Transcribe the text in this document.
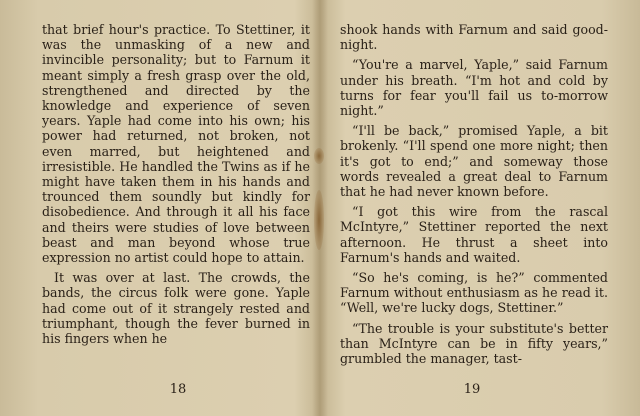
that brief hour's practice. To Stettiner, it was the unmasking of a new and invincible personality; but to Farnum it meant simply a fresh grasp over the old, strengthened and directed by the knowledge and experience of seven years. Yaple had come into his own; his power had returned, not broken, not even marred, but heightened and irresistible. He handled the Twins as if he might have taken them in his hands and trounced them soundly but kindly for disobedience. And through it all his face and theirs were studies of love between beast and man beyond whose true expression no artist could hope to attain.

It was over at last. The crowds, the bands, the circus folk were gone. Yaple had come out of it strangely rested and triumphant, though the fever burned in his fingers when he

18

shook hands with Farnum and said good-night.

“You're a marvel, Yaple,” said Farnum under his breath. “I'm hot and cold by turns for fear you'll fail us to-morrow night.”

“I'll be back,” promised Yaple, a bit brokenly. “I'll spend one more night; then it's got to end;” and someway those words revealed a great deal to Farnum that he had never known before.

“I got this wire from the rascal McIntyre,” Stettiner reported the next afternoon. He thrust a sheet into Farnum's hands and waited.

“So he's coming, is he?” commented Farnum without enthusiasm as he read it. “Well, we're lucky dogs, Stettiner.”

“The trouble is your substitute's better than McIntyre can be in fifty years,” grumbled the manager, tast-

19
